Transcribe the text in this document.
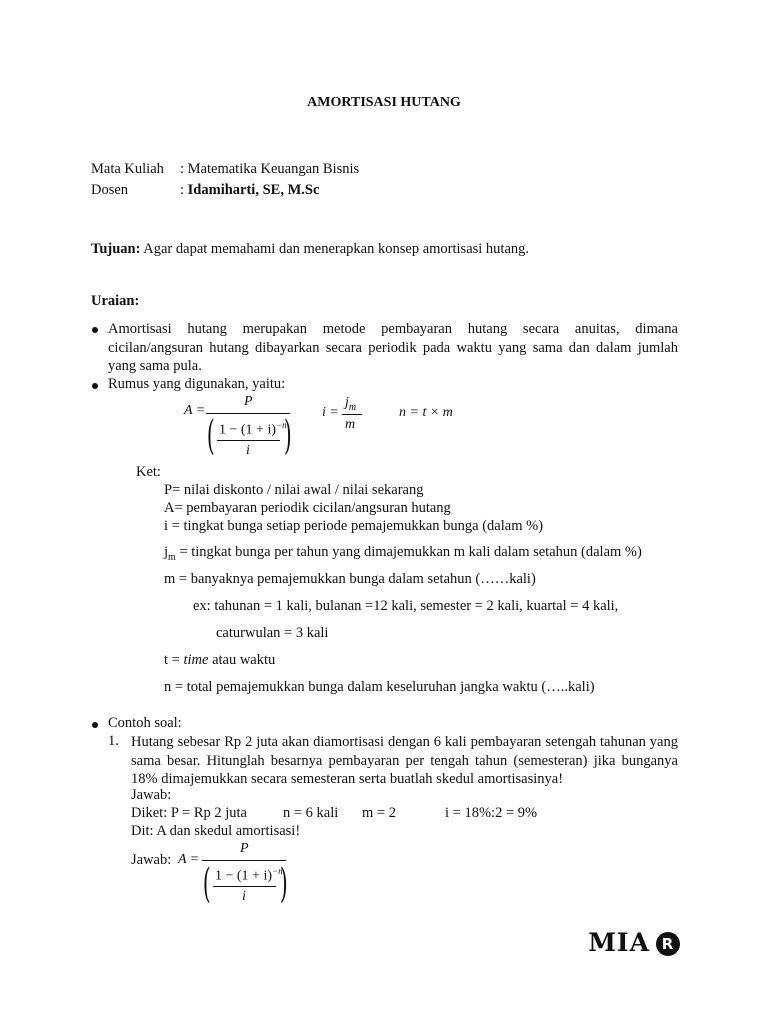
AMORTISASI HUTANG
Mata Kuliah : Matematika Keuangan Bisnis
Dosen	: Idamiharti, SE, M.Sc
Tujuan: Agar dapat memahami dan menerapkan konsep amortisasi hutang.
Uraian:
Amortisasi hutang merupakan metode pembayaran hutang secara anuitas, dimana cicilan/angsuran hutang dibayarkan secara periodik pada waktu yang sama dan dalam jumlah yang sama pula.
Rumus yang digunakan, yaitu:
A =
P
( )
$1 - (1 + i)^{-n}$
i
i =
$j_m$
m
n = t × m
Ket:
P= nilai diskonto / nilai awal / nilai sekarang
A= pembayaran periodik cicilan/angsuran hutang
i = tingkat bunga setiap periode pemajemukkan bunga (dalam %)
$j_m$ = tingkat bunga per tahun yang dimajemukkan m kali dalam setahun (dalam %)
m = banyaknya pemajemukkan bunga dalam setahun (……kali)
ex: tahunan = 1 kali, bulanan =12 kali, semester = 2 kali, kuartal = 4 kali,
caturwulan = 3 kali
t = time atau waktu
n = total pemajemukkan bunga dalam keseluruhan jangka waktu (…..kali)
Contoh soal:
1. Hutang sebesar Rp 2 juta akan diamortisasi dengan 6 kali pembayaran setengah tahunan yang sama besar. Hitunglah besarnya pembayaran per tengah tahun (semesteran) jika bunganya 18% dimajemukkan secara semesteran serta buatlah skedul amortisasinya!
Jawab:
Diket: P = Rp 2 juta n = 6 kali m = 2	i = 18%:2 = 9%
Dit: A dan skedul amortisasi!
Jawab: A =
P
( )
$1 - (1 + i)^{-n}$
i
MIA R
